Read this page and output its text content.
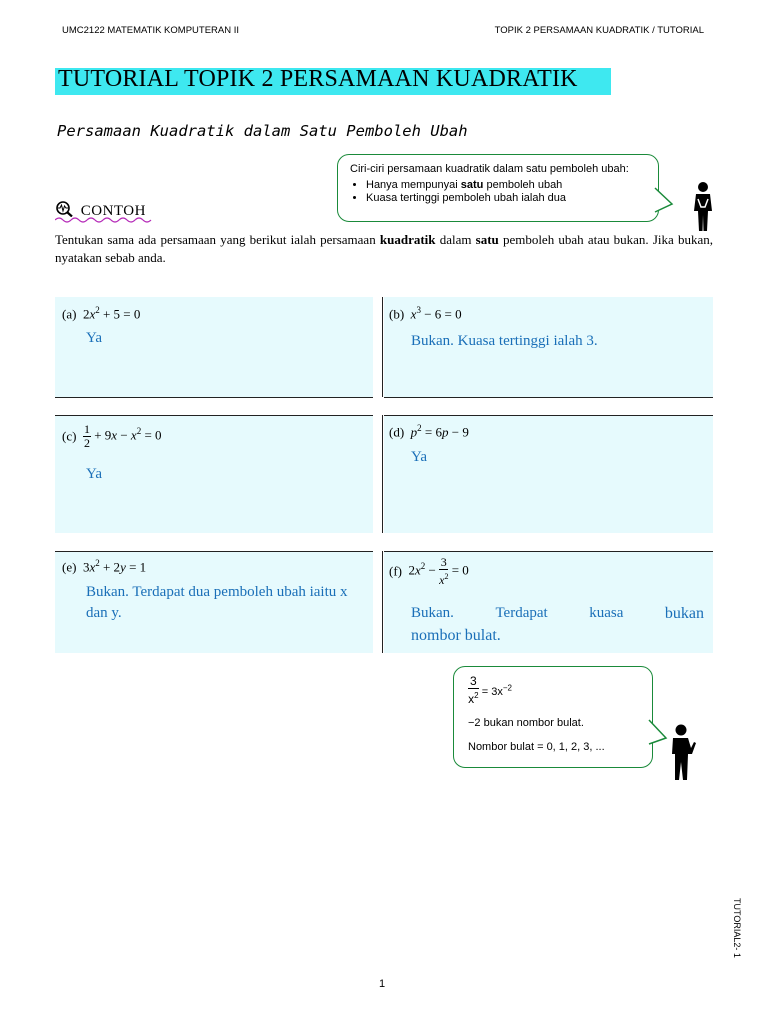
UMC2122 MATEMATIK KOMPUTERAN II	TOPIK 2 PERSAMAAN KUADRATIK / TUTORIAL
TUTORIAL TOPIK 2 PERSAMAAN KUADRATIK
Persamaan Kuadratik dalam Satu Pemboleh Ubah
Ciri-ciri persamaan kuadratik dalam satu pemboleh ubah:
• Hanya mempunyai satu pemboleh ubah
• Kuasa tertinggi pemboleh ubah ialah dua
CONTOH
Tentukan sama ada persamaan yang berikut ialah persamaan kuadratik dalam satu pemboleh ubah atau bukan. Jika bukan, nyatakan sebab anda.
(a)  $2x^2 + 5 = 0$
Ya
(b) $x^3 - 6 = 0$
Bukan. Kuasa tertinggi ialah 3.
$(c) \frac{1}{2} + 9x - x^2 = 0$
Ya
(d) $p^2 = 6p - 9$
Ya
(e)  $3x^2 + 2y = 1$
Bukan. Terdapat dua pemboleh ubah iaitu x dan y.
(f)  $2x^2 - \frac{3}{x^2} = 0$
Bukan.	Terdapat	kuasa	bukan
nombor bulat.
$\frac{3}{x^2} = 3x^{-2}$
−2 bukan nombor bulat.
Nombor bulat = 0, 1, 2, 3, ...
TUTORIAL2- 1
1
